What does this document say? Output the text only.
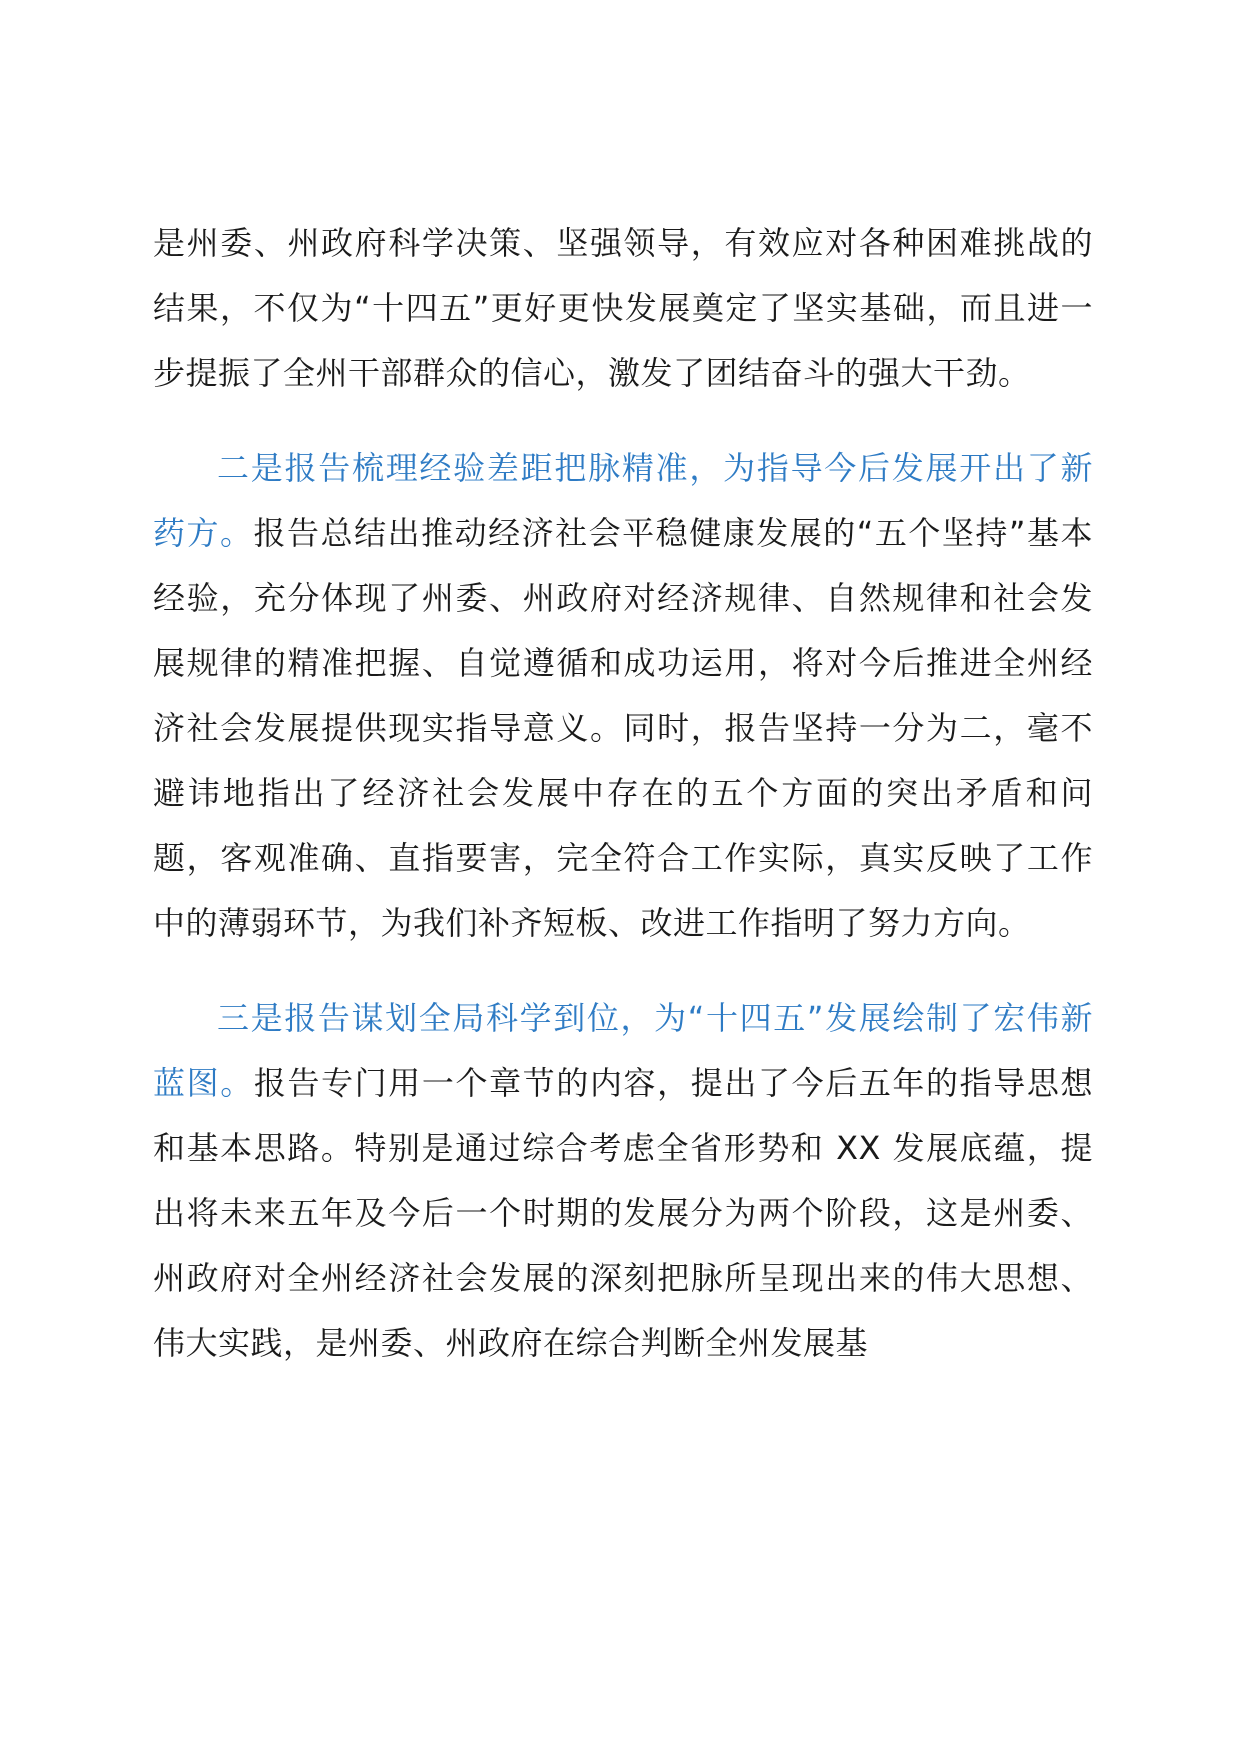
是州委、州政府科学决策、坚强领导，有效应对各种困难挑战的结果，不仅为“十四五”更好更快发展奠定了坚实基础，而且进一步提振了全州干部群众的信心，激发了团结奋斗的强大干劲。

二是报告梳理经验差距把脉精准，为指导今后发展开出了新药方。报告总结出推动经济社会平稳健康发展的“五个坚持”基本经验，充分体现了州委、州政府对经济规律、自然规律和社会发展规律的精准把握、自觉遵循和成功运用，将对今后推进全州经济社会发展提供现实指导意义。同时，报告坚持一分为二，毫不避讳地指出了经济社会发展中存在的五个方面的突出矛盾和问题，客观准确、直指要害，完全符合工作实际，真实反映了工作中的薄弱环节，为我们补齐短板、改进工作指明了努力方向。

三是报告谋划全局科学到位，为“十四五”发展绘制了宏伟新蓝图。报告专门用一个章节的内容，提出了今后五年的指导思想和基本思路。特别是通过综合考虑全省形势和 XX 发展底蕴，提出将未来五年及今后一个时期的发展分为两个阶段，这是州委、州政府对全州经济社会发展的深刻把脉所呈现出来的伟大思想、伟大实践，是州委、州政府在综合判断全州发展基
